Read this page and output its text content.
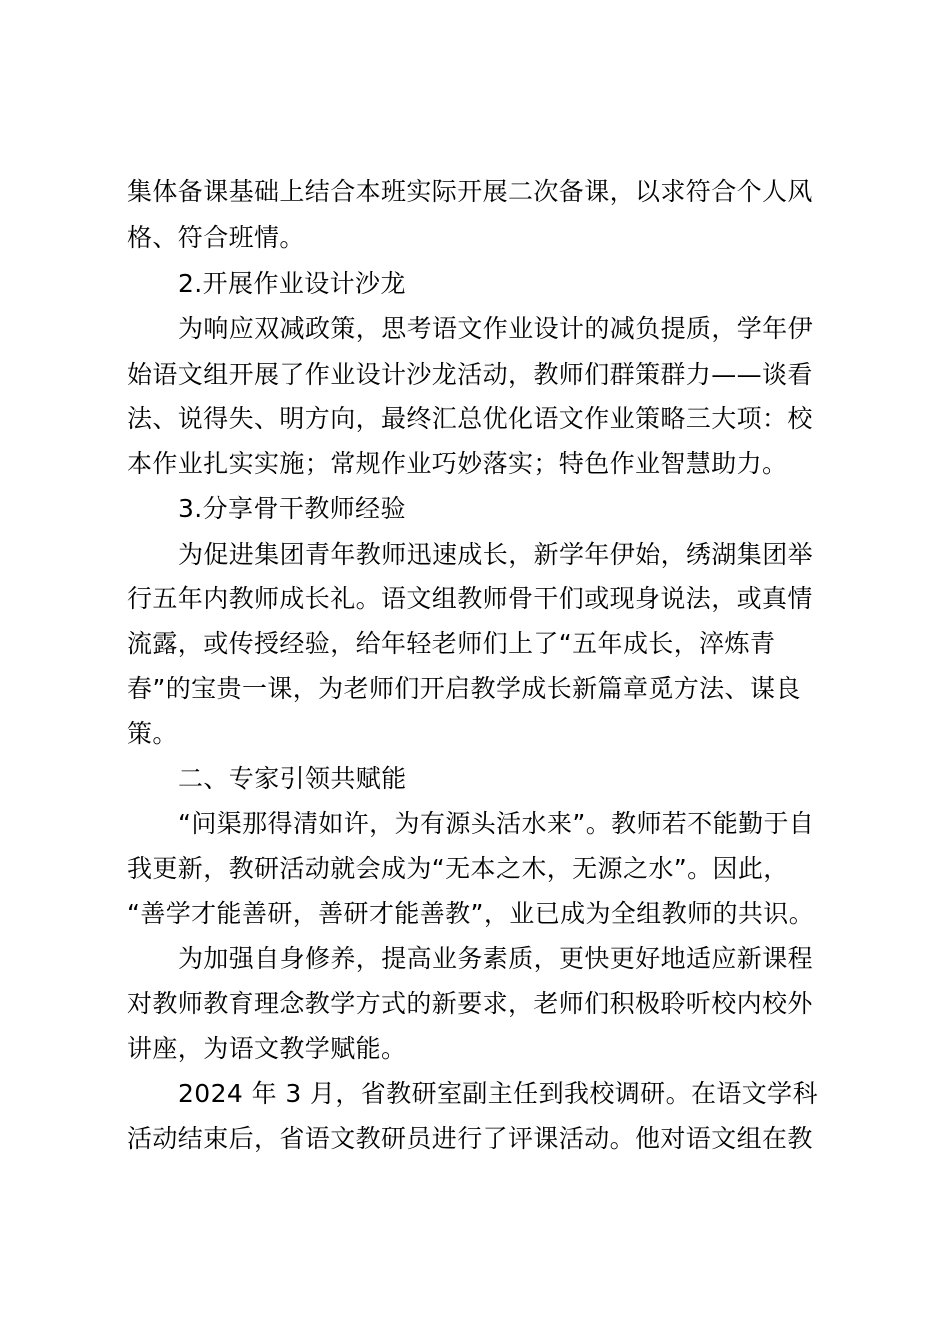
集体备课基础上结合本班实际开展二次备课，以求符合个人风
格、符合班情。
2.开展作业设计沙龙
为响应双减政策，思考语文作业设计的减负提质，学年伊
始语文组开展了作业设计沙龙活动，教师们群策群力——谈看
法、说得失、明方向，最终汇总优化语文作业策略三大项：校
本作业扎实实施；常规作业巧妙落实；特色作业智慧助力。
3.分享骨干教师经验
为促进集团青年教师迅速成长，新学年伊始，绣湖集团举
行五年内教师成长礼。语文组教师骨干们或现身说法，或真情
流露，或传授经验，给年轻老师们上了“五年成长，淬炼青
春”的宝贵一课，为老师们开启教学成长新篇章觅方法、谋良
策。
二、专家引领共赋能
“问渠那得清如许，为有源头活水来”。教师若不能勤于自
我更新，教研活动就会成为“无本之木，无源之水”。因此，
“善学才能善研，善研才能善教”，业已成为全组教师的共识。
为加强自身修养，提高业务素质，更快更好地适应新课程
对教师教育理念教学方式的新要求，老师们积极聆听校内校外
讲座，为语文教学赋能。
2024 年 3 月，省教研室副主任到我校调研。在语文学科
活动结束后，省语文教研员进行了评课活动。他对语文组在教
